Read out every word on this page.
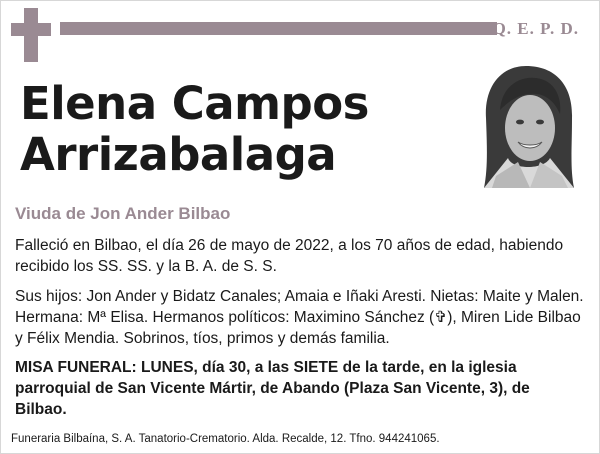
Q. E. P. D.
Elena Campos
Arrizabalaga
Viuda de Jon Ander Bilbao
Falleció en Bilbao, el día 26 de mayo de 2022, a los 70 años de edad, habiendo recibido los SS. SS. y la B. A. de S. S.
Sus hijos: Jon Ander y Bidatz Canales; Amaia e Iñaki Aresti. Nietas: Maite y Malen. Hermana: Mª Elisa. Hermanos políticos: Maximino Sánchez (✞), Miren Lide Bilbao y Félix Mendia. Sobrinos, tíos, primos y demás familia.
MISA FUNERAL: LUNES, día 30, a las SIETE de la tarde, en la iglesia parroquial de San Vicente Mártir, de Abando (Plaza San Vicente, 3), de Bilbao.
Funeraria Bilbaína, S. A. Tanatorio-Crematorio. Alda. Recalde, 12. Tfno. 944241065.
